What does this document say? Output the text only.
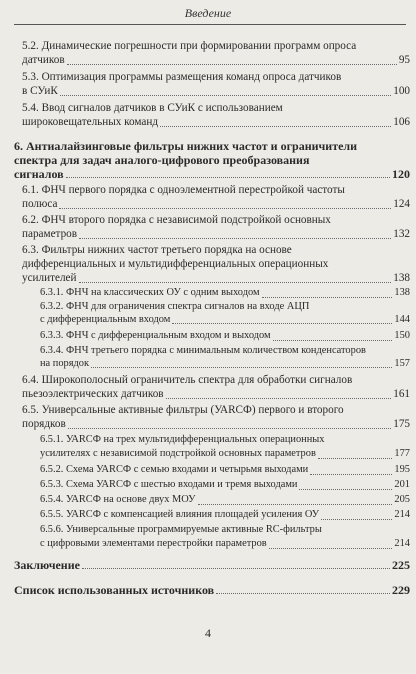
Введение
5.2. Динамические погрешности при формировании программ опроса
датчиков	95
5.3. Оптимизация программы размещения команд опроса датчиков
в СУиК	100
5.4. Ввод сигналов датчиков в СУиК с использованием
широковещательных команд	106
6. Антиалайзинговые фильтры нижних частот и ограничители
спектра для задач аналого-цифрового преобразования
сигналов	120
6.1. ФНЧ первого порядка с одноэлементной перестройкой частоты
полюса	124
6.2. ФНЧ второго порядка с независимой подстройкой основных
параметров	132
6.3. Фильтры нижних частот третьего порядка на основе
дифференциальных и мультидифференциальных операционных
усилителей	138
6.3.1. ФНЧ на классических ОУ с одним выходом	138
6.3.2. ФНЧ для ограничения спектра сигналов на входе АЦП
с дифференциальным входом	144
6.3.3. ФНЧ с дифференциальным входом и выходом	150
6.3.4. ФНЧ третьего порядка с минимальным количеством конденсаторов
на порядок	157
6.4. Широкополосный ограничитель спектра для обработки сигналов
пьезоэлектрических датчиков	161
6.5. Универсальные активные фильтры (УАRCФ) первого и второго
порядков	175
6.5.1. УАRCФ на трех мультидифференциальных операционных
усилителях с независимой подстройкой основных параметров	177
6.5.2. Схема УАRCФ с семью входами и четырьмя выходами	195
6.5.3. Схема УАRCФ с шестью входами и тремя выходами	201
6.5.4. УАRCФ на основе двух МОУ	205
6.5.5. УАRCФ с компенсацией влияния площадей усиления ОУ	214
6.5.6. Универсальные программируемые активные RC-фильтры
с цифровыми элементами перестройки параметров	214
Заключение	225
Список использованных источников	229
4
